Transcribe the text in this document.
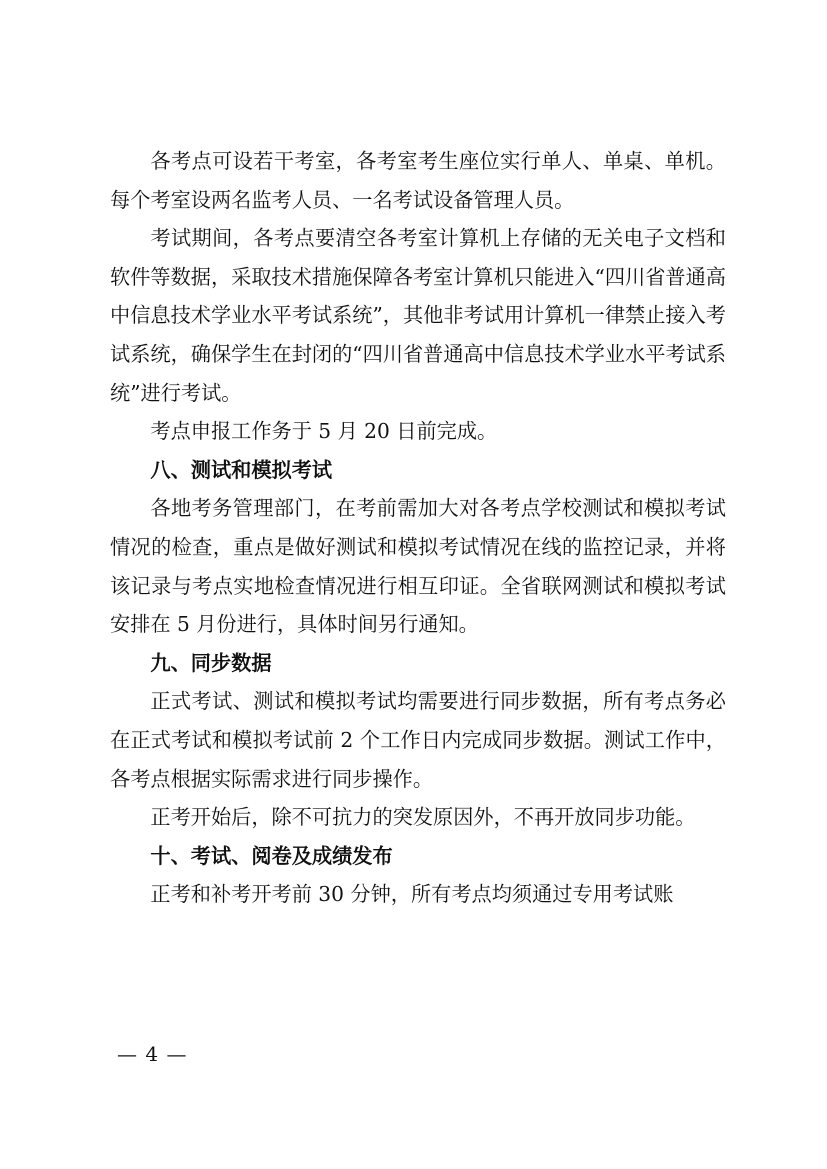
各考点可设若干考室，各考室考生座位实行单人、单桌、单机。每个考室设两名监考人员、一名考试设备管理人员。

考试期间，各考点要清空各考室计算机上存储的无关电子文档和软件等数据，采取技术措施保障各考室计算机只能进入“四川省普通高中信息技术学业水平考试系统”，其他非考试用计算机一律禁止接入考试系统，确保学生在封闭的“四川省普通高中信息技术学业水平考试系统”进行考试。

考点申报工作务于 5 月 20 日前完成。

八、测试和模拟考试

各地考务管理部门，在考前需加大对各考点学校测试和模拟考试情况的检查，重点是做好测试和模拟考试情况在线的监控记录，并将该记录与考点实地检查情况进行相互印证。全省联网测试和模拟考试安排在 5 月份进行，具体时间另行通知。

九、同步数据

正式考试、测试和模拟考试均需要进行同步数据，所有考点务必在正式考试和模拟考试前 2 个工作日内完成同步数据。测试工作中，各考点根据实际需求进行同步操作。

正考开始后，除不可抗力的突发原因外，不再开放同步功能。

十、考试、阅卷及成绩发布

正考和补考开考前 30 分钟，所有考点均须通过专用考试账

— 4 —
